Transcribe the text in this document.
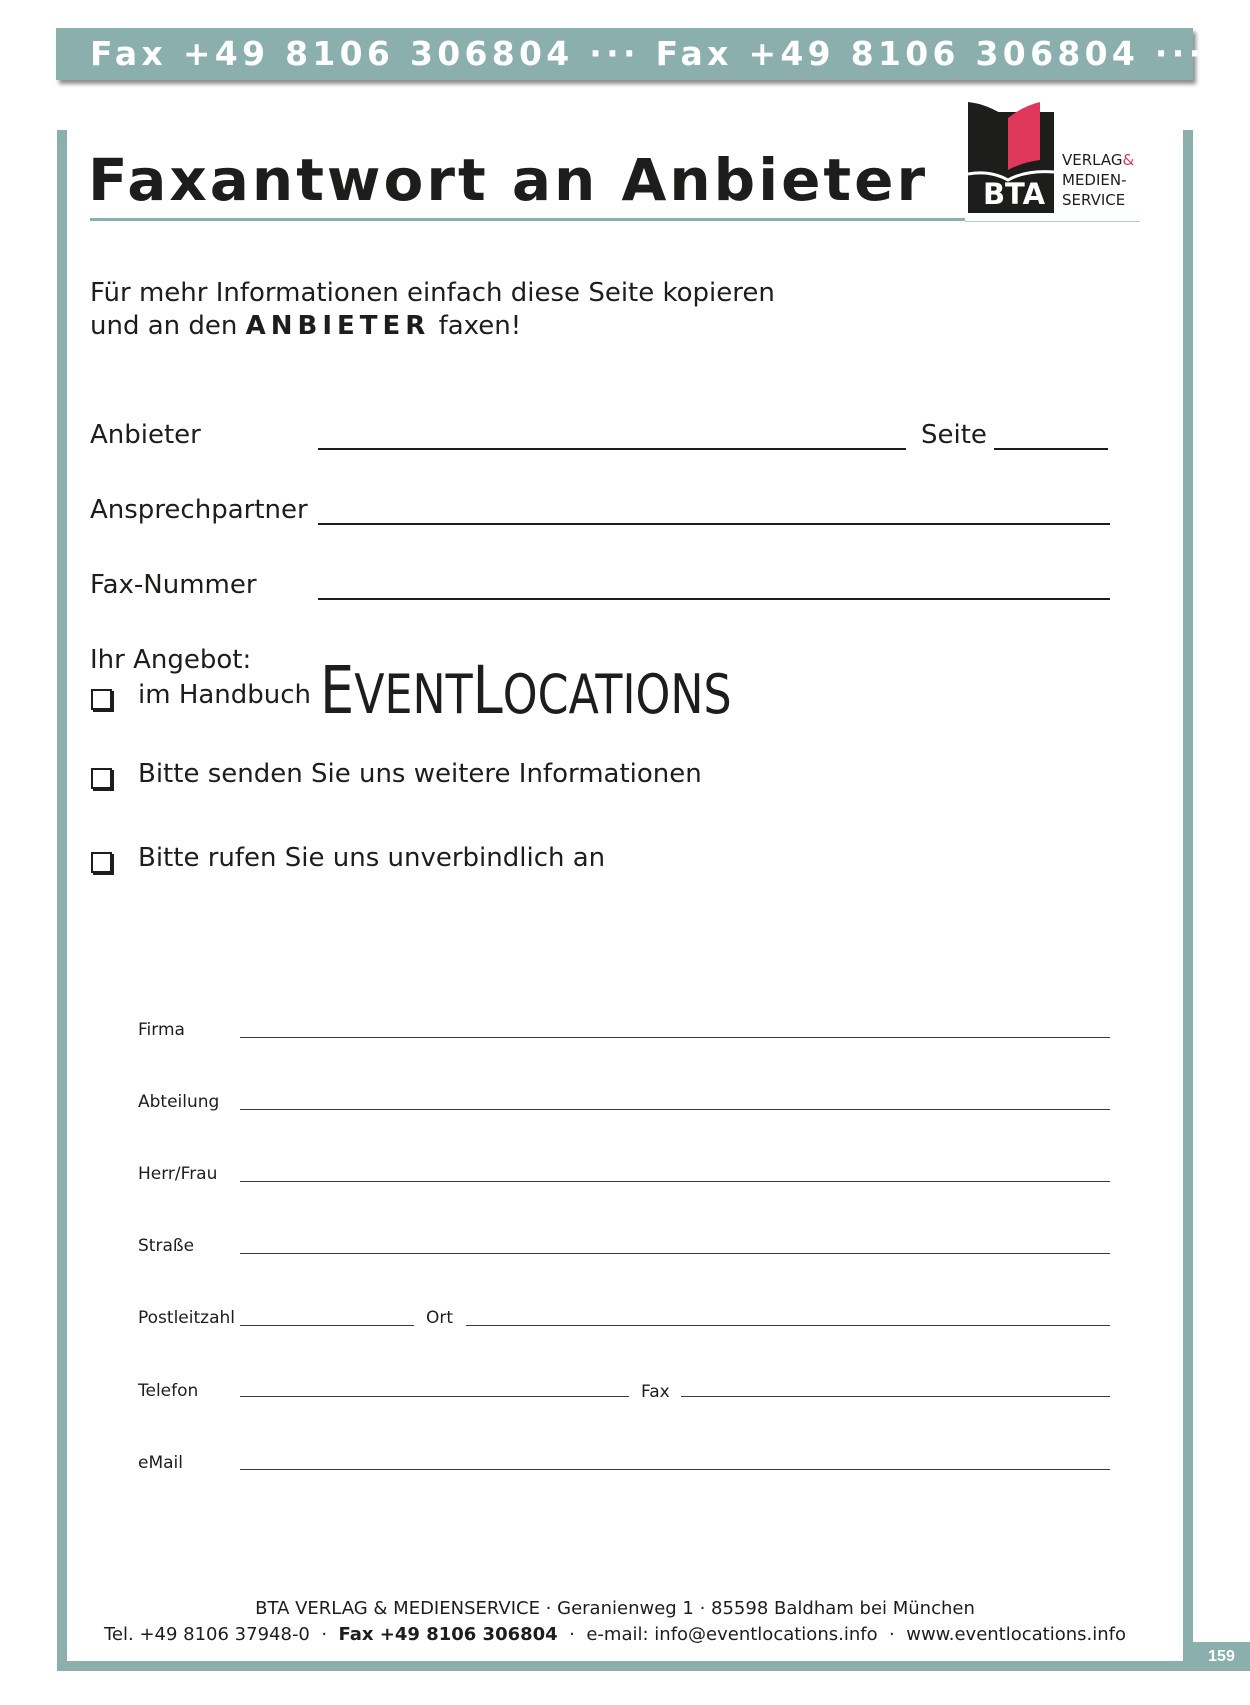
Fax +49 8106 306804 ··· Fax +49 8106 306804 ···
159
Faxantwort an Anbieter BTA
VERLAG&
MEDIEN-
SERVICE
Für mehr Informationen einfach diese Seite kopieren
und an den ANBIETER faxen!
Anbieter	Seite
Ansprechpartner
Fax-Nummer
Ihr Angebot:
im Handbuch EVENTLOCATIONS
Bitte senden Sie uns weitere Informationen
Bitte rufen Sie uns unverbindlich an
Firma
Abteilung
Herr/Frau
Straße
Postleitzahl	Ort
Telefon	Fax
eMail
BTA VERLAG & MEDIENSERVICE · Geranienweg 1 · 85598 Baldham bei München
Tel. +49 8106 37948-0 · Fax +49 8106 306804 · e-mail: info@eventlocations.info · www.eventlocations.info
